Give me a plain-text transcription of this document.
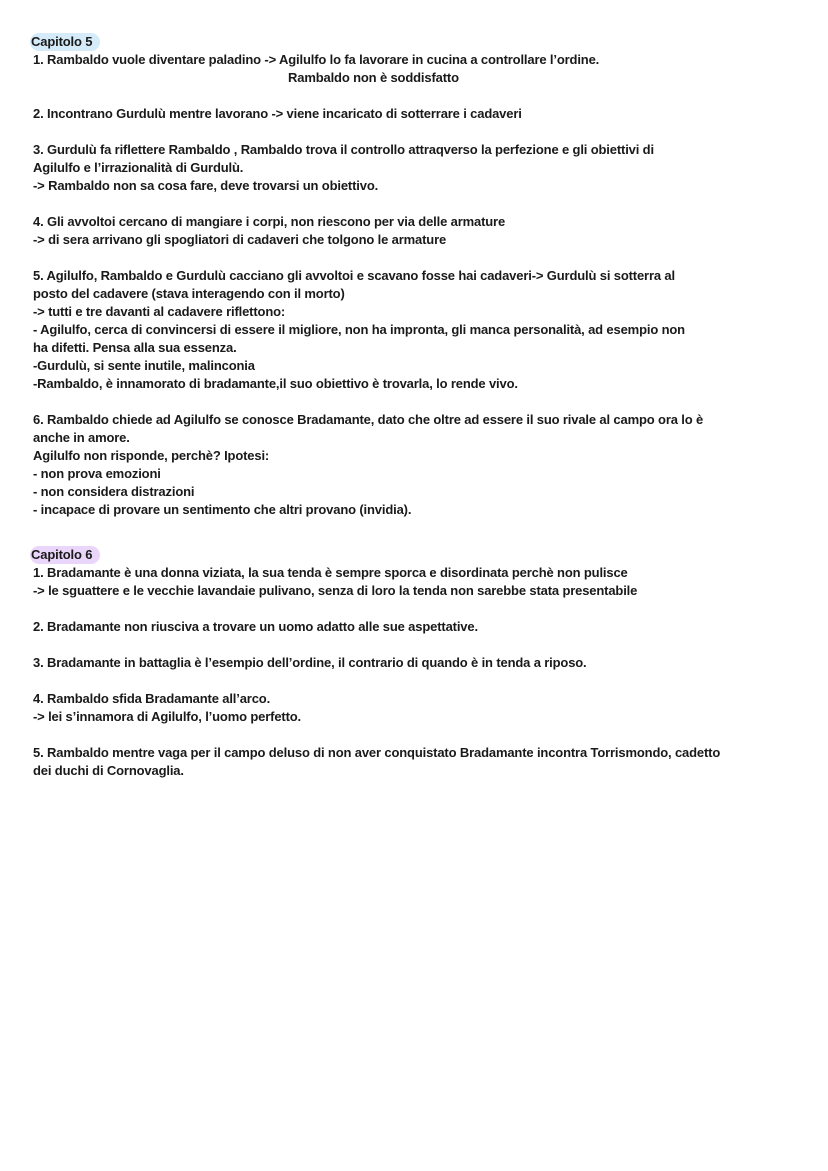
Capitolo 5
1. Rambaldo vuole diventare paladino -> Agilulfo lo fa lavorare in cucina a controllare l’ordine.
Rambaldo non è soddisfatto
2. Incontrano Gurdulù mentre lavorano -> viene incaricato di sotterrare i cadaveri
3. Gurdulù fa riflettere Rambaldo , Rambaldo trova il controllo attraqverso la perfezione e gli obiettivi di
Agilulfo e l’irrazionalità di Gurdulù.
-> Rambaldo non sa cosa fare, deve trovarsi un obiettivo.
4. Gli avvoltoi cercano di mangiare i corpi, non riescono per via delle armature
-> di sera arrivano gli spogliatori di cadaveri che tolgono le armature
5. Agilulfo, Rambaldo e Gurdulù cacciano gli avvoltoi e scavano fosse hai cadaveri-> Gurdulù si sotterra al
posto del cadavere (stava interagendo con il morto)
-> tutti e tre davanti al cadavere riflettono:
- Agilulfo, cerca di convincersi di essere il migliore, non ha impronta, gli manca personalità, ad esempio non
ha difetti. Pensa alla sua essenza.
-Gurdulù, si sente inutile, malinconia
-Rambaldo, è innamorato di bradamante,il suo obiettivo è trovarla, lo rende vivo.
6. Rambaldo chiede ad Agilulfo se conosce Bradamante, dato che oltre ad essere il suo rivale al campo ora lo è
anche in amore.
Agilulfo non risponde, perchè? Ipotesi:
- non prova emozioni
- non considera distrazioni
- incapace di provare un sentimento che altri provano (invidia).
Capitolo 6
1. Bradamante è una donna viziata, la sua tenda è sempre sporca e disordinata perchè non pulisce
-> le sguattere e le vecchie lavandaie pulivano, senza di loro la tenda non sarebbe stata presentabile
2. Bradamante non riusciva a trovare un uomo adatto alle sue aspettative.
3. Bradamante in battaglia è l’esempio dell’ordine, il contrario di quando è in tenda a riposo.
4. Rambaldo sfida Bradamante all’arco.
-> lei s’innamora di Agilulfo, l’uomo perfetto.
5. Rambaldo mentre vaga per il campo deluso di non aver conquistato Bradamante incontra Torrismondo, cadetto
dei duchi di Cornovaglia.
